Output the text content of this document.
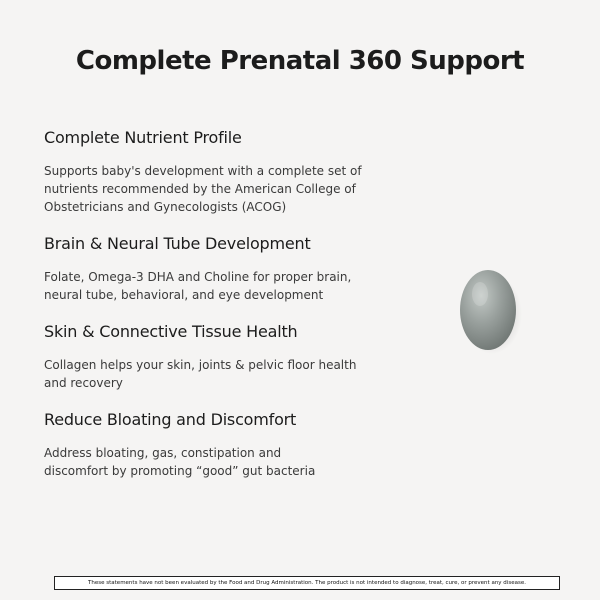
Complete Prenatal 360 Support
Complete Nutrient Profile

Supports baby's development with a complete set of nutrients recommended by the American College of Obstetricians and Gynecologists (ACOG)

Brain & Neural Tube Development

Folate, Omega-3 DHA and Choline for proper brain, neural tube, behavioral, and eye development

Skin & Connective Tissue Health

Collagen helps your skin, joints & pelvic floor health and recovery

Reduce Bloating and Discomfort

Address bloating, gas, constipation and discomfort by promoting “good” gut bacteria

These statements have not been evaluated by the Food and Drug Administration. The product is not intended to diagnose, treat, cure, or prevent any disease.
